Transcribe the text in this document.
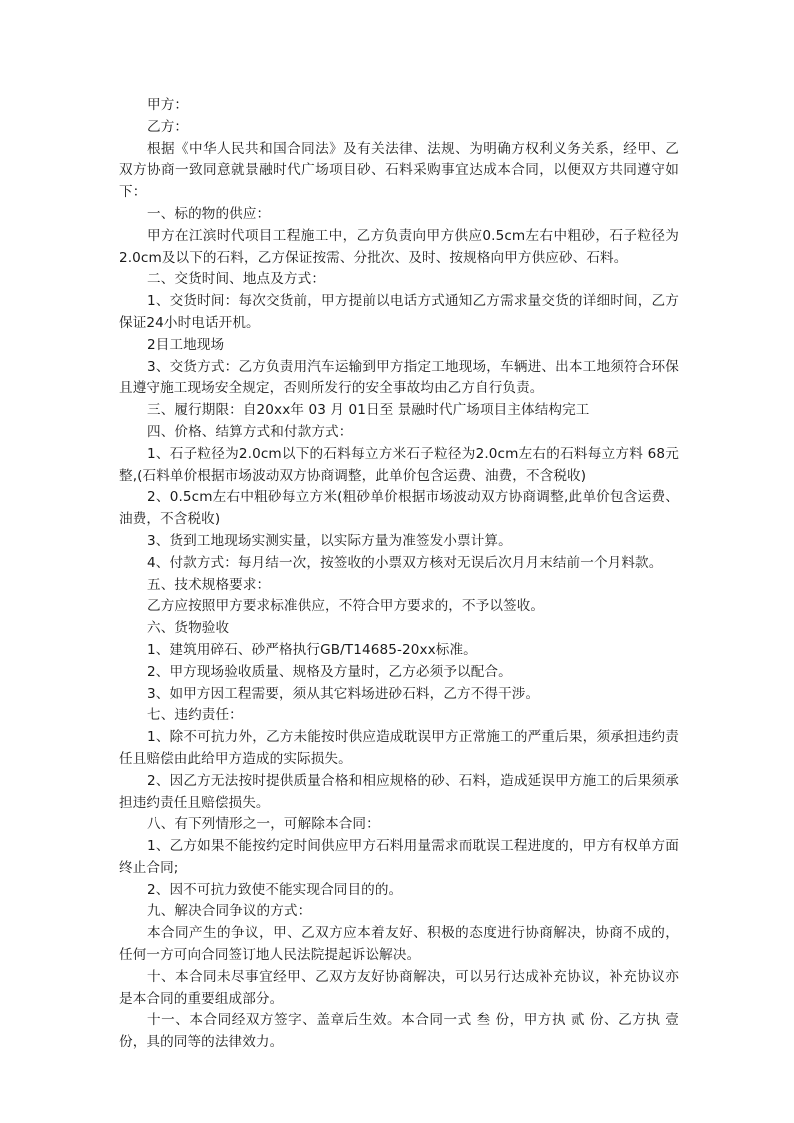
甲方：

乙方：

根据《中华人民共和国合同法》及有关法律、法规、为明确方权利义务关系，经甲、乙双方协商一致同意就景融时代广场项目砂、石料采购事宜达成本合同，以便双方共同遵守如下：

一、标的物的供应：

甲方在江滨时代项目工程施工中，乙方负责向甲方供应0.5cm左右中粗砂，石子粒径为2.0cm及以下的石料，乙方保证按需、分批次、及时、按规格向甲方供应砂、石料。

二、交货时间、地点及方式：

1、交货时间：每次交货前，甲方提前以电话方式通知乙方需求量交货的详细时间，乙方保证24小时电话开机。

2目工地现场

3、交货方式：乙方负责用汽车运输到甲方指定工地现场，车辆进、出本工地须符合环保且遵守施工现场安全规定，否则所发行的安全事故均由乙方自行负责。

三、履行期限：自20xx年 03 月 01日至 景融时代广场项目主体结构完工

四、价格、结算方式和付款方式：

1、石子粒径为2.0cm以下的石料每立方米石子粒径为2.0cm左右的石料每立方料 68元整,(石料单价根据市场波动双方协商调整，此单价包含运费、油费，不含税收)

2、0.5cm左右中粗砂每立方米(粗砂单价根据市场波动双方协商调整,此单价包含运费、油费，不含税收)

3、货到工地现场实测实量，以实际方量为准签发小票计算。

4、付款方式：每月结一次，按签收的小票双方核对无误后次月月末结前一个月料款。

五、技术规格要求：

乙方应按照甲方要求标准供应，不符合甲方要求的，不予以签收。

六、货物验收

1、建筑用碎石、砂严格执行GB/T14685-20xx标准。

2、甲方现场验收质量、规格及方量时，乙方必须予以配合。

3、如甲方因工程需要，须从其它料场进砂石料，乙方不得干涉。

七、违约责任：

1、除不可抗力外，乙方未能按时供应造成耽误甲方正常施工的严重后果，须承担违约责任且赔偿由此给甲方造成的实际损失。

2、因乙方无法按时提供质量合格和相应规格的砂、石料，造成延误甲方施工的后果须承担违约责任且赔偿损失。

八、有下列情形之一，可解除本合同：

1、乙方如果不能按约定时间供应甲方石料用量需求而耽误工程进度的，甲方有权单方面终止合同;

2、因不可抗力致使不能实现合同目的的。

九、解决合同争议的方式：

本合同产生的争议，甲、乙双方应本着友好、积极的态度进行协商解决，协商不成的，任何一方可向合同签订地人民法院提起诉讼解决。

十、本合同未尽事宜经甲、乙双方友好协商解决，可以另行达成补充协议，补充协议亦是本合同的重要组成部分。

十一、本合同经双方签字、盖章后生效。本合同一式 叁 份，甲方执 贰 份、乙方执 壹 份，具的同等的法律效力。
